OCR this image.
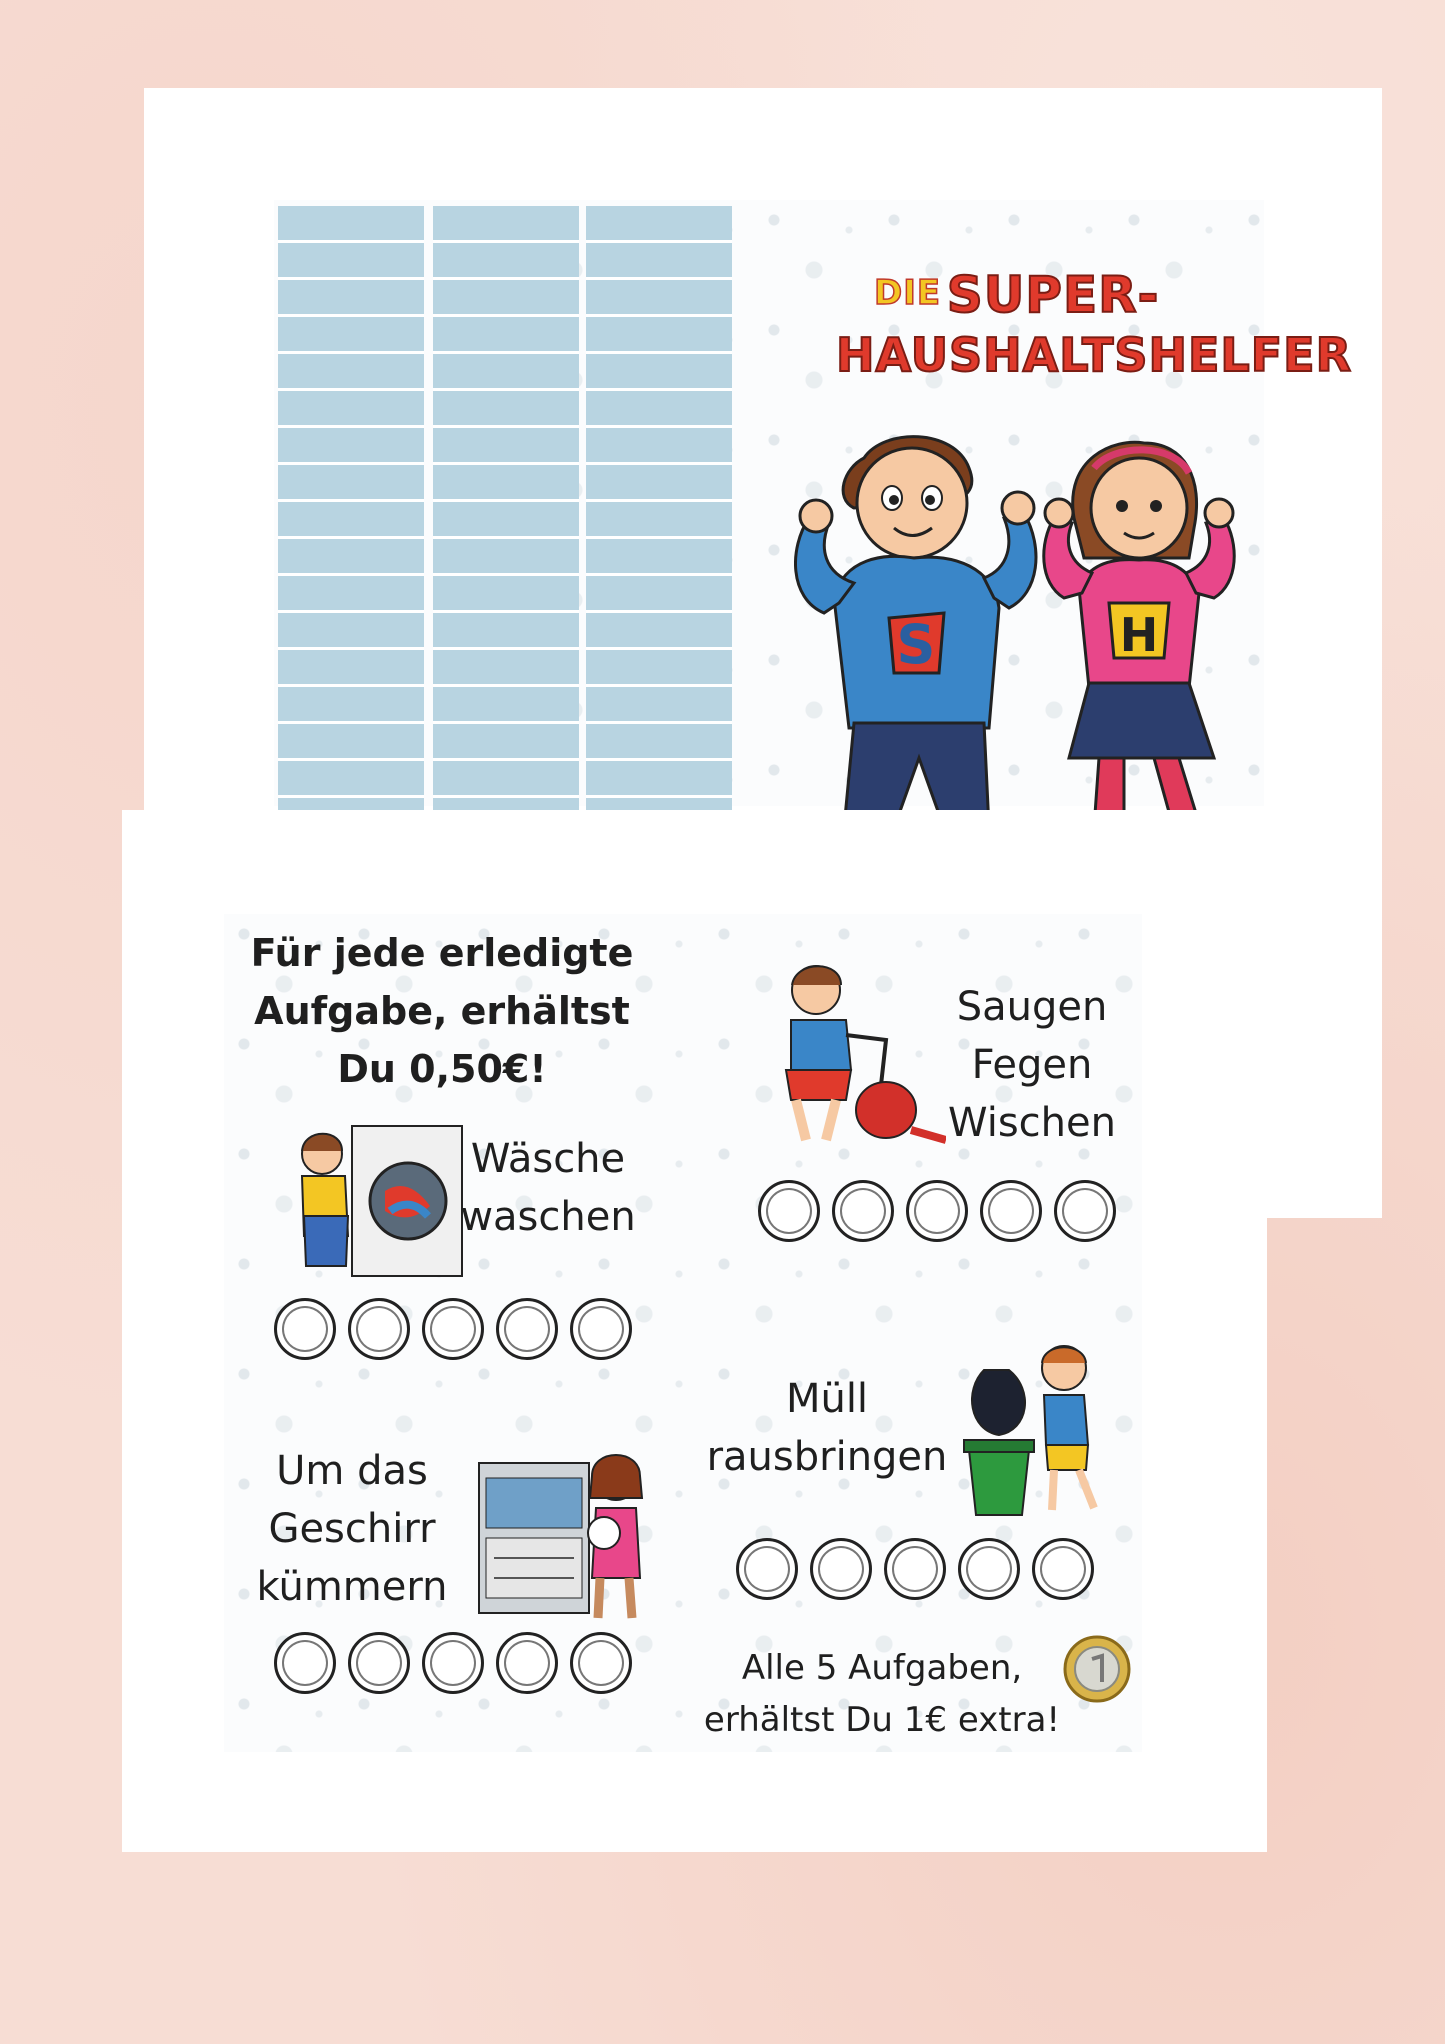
DIE SUPER-
HAUSHALTSHELFER
S	H
Für jede erledigte Aufgabe, erhältst Du 0,50€!
Saugen
Fegen
Wischen
Wäsche
waschen
Müll
rausbringen
Um das
Geschirr
kümmern
Alle 5 Aufgaben,
erhältst Du 1€ extra!
